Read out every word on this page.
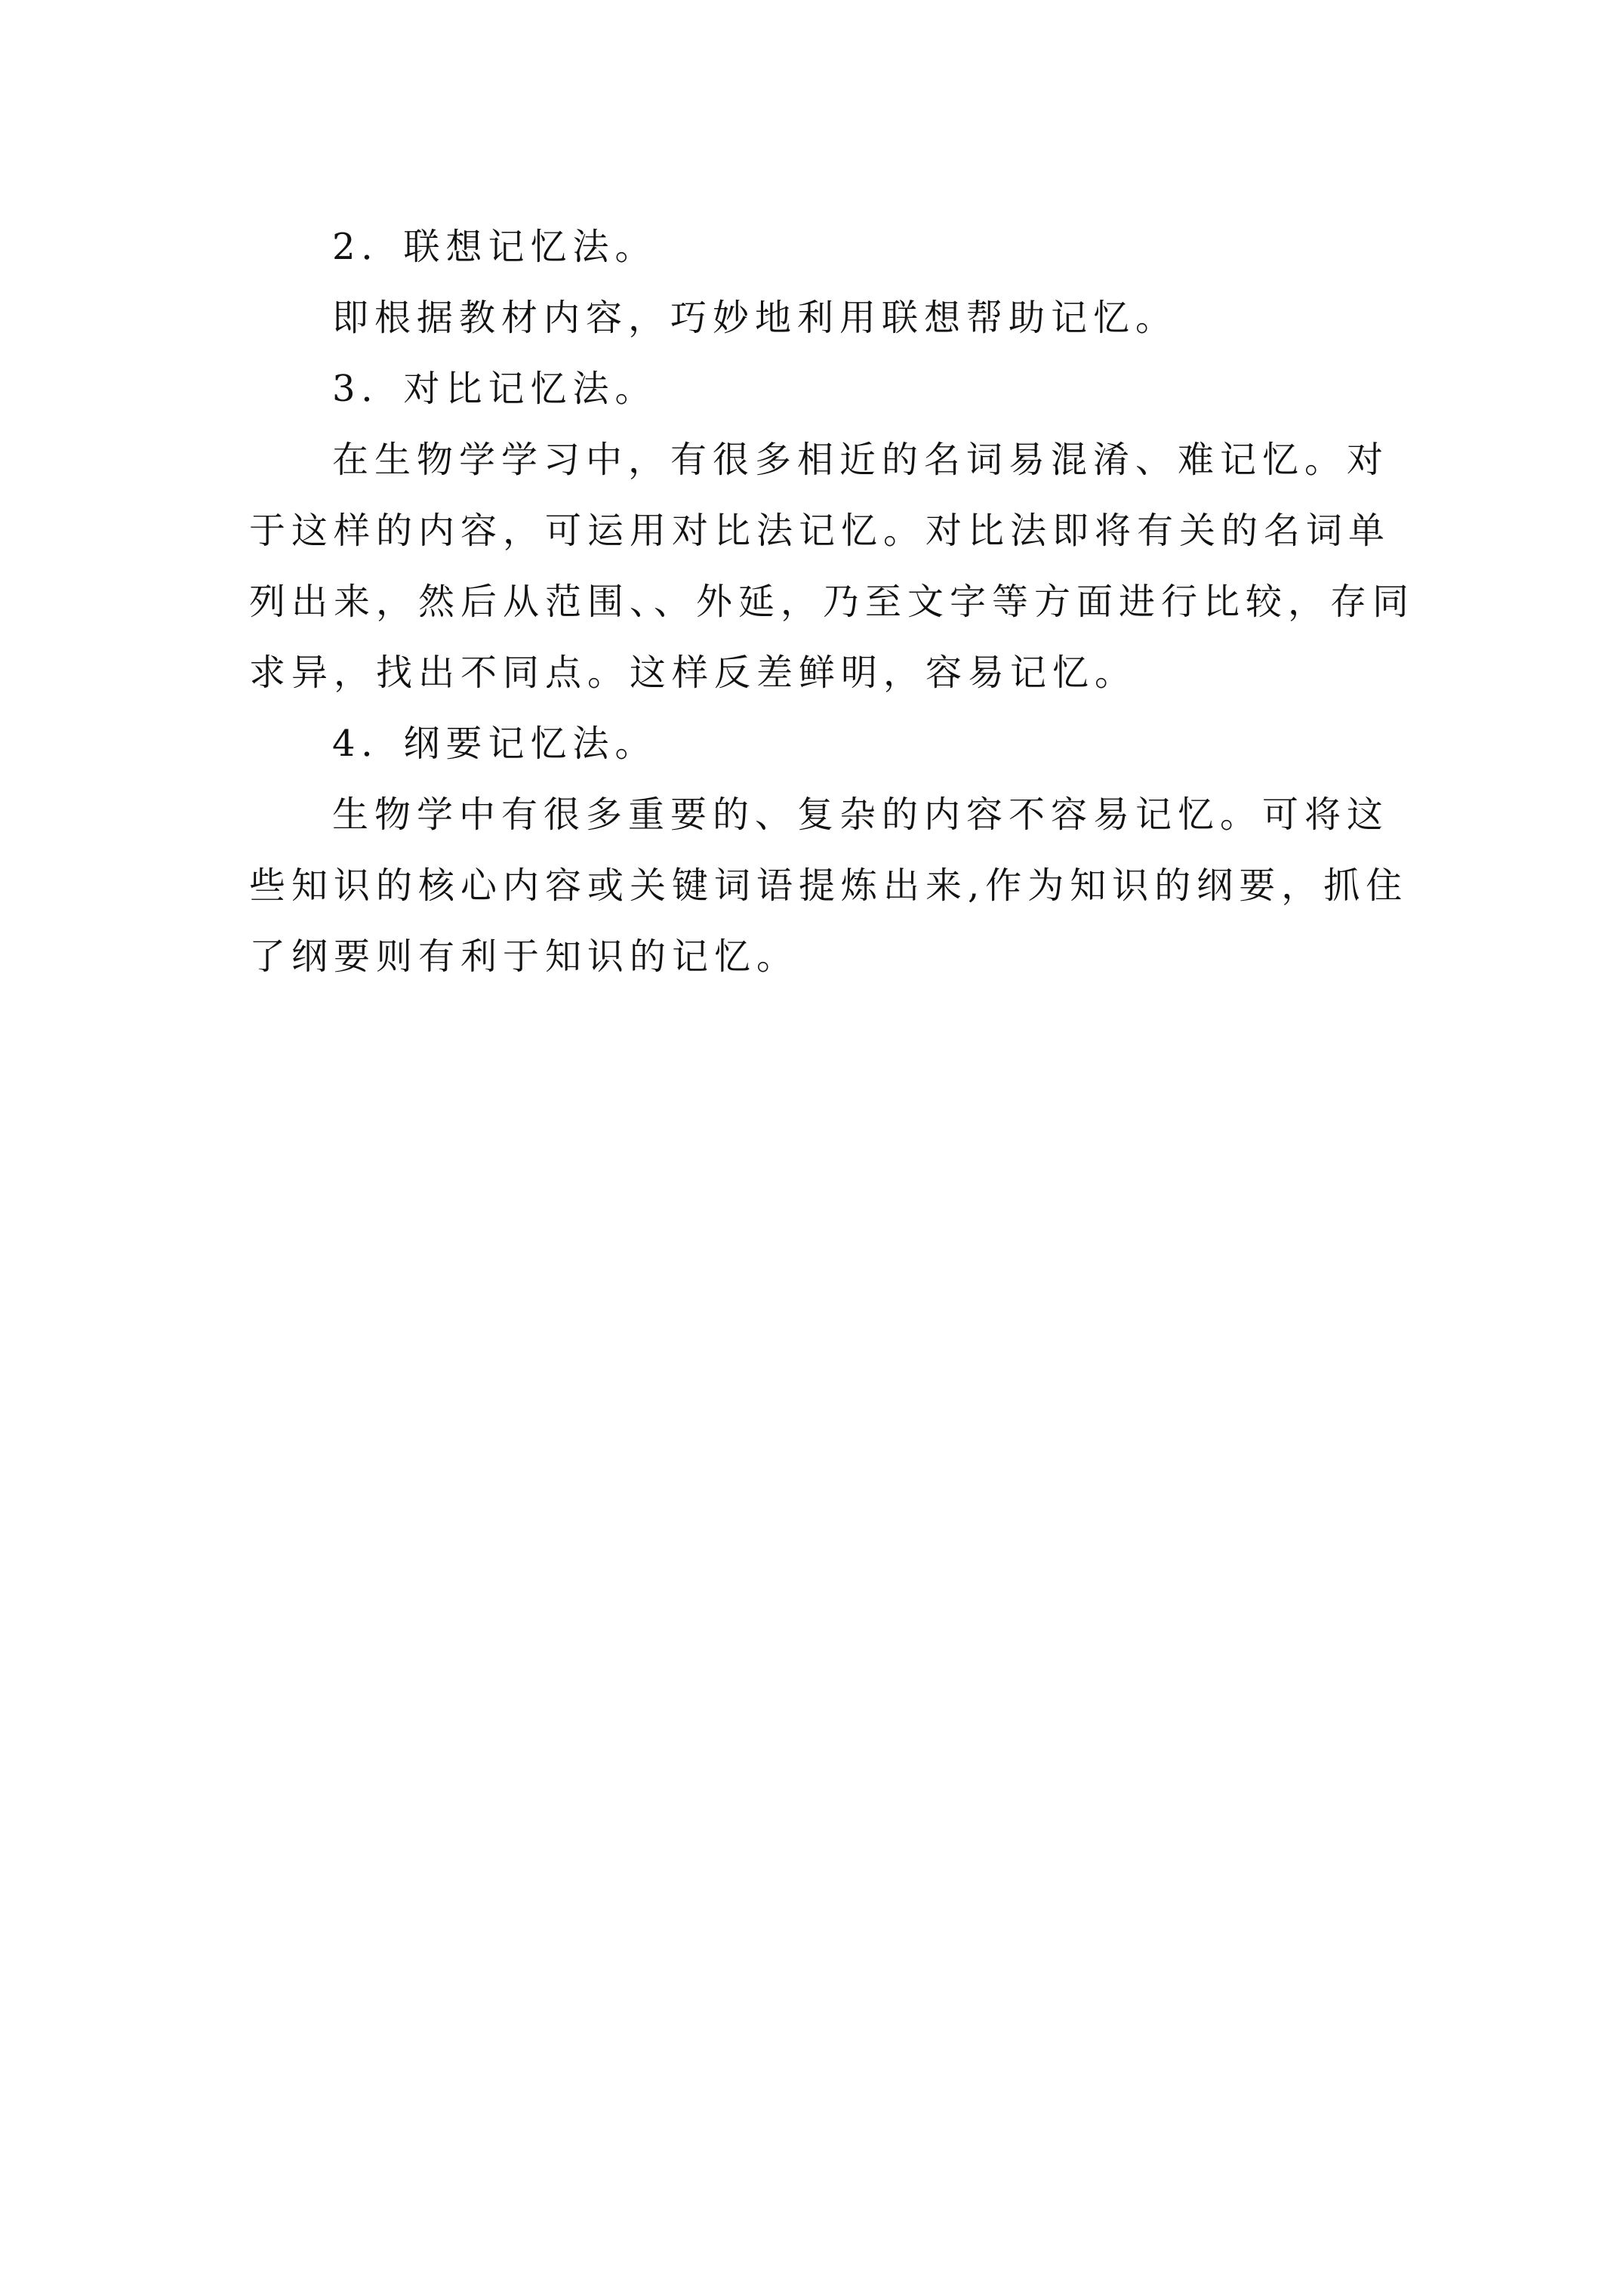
2．联想记忆法。

即根据教材内容，巧妙地利用联想帮助记忆。

3．对比记忆法。

在生物学学习中，有很多相近的名词易混淆、难记忆。对于这样的内容，可运用对比法记忆。对比法即将有关的名词单列出来，然后从范围、、外延，乃至文字等方面进行比较，存同求异，找出不同点。这样反差鲜明，容易记忆。

4．纲要记忆法。

生物学中有很多重要的、复杂的内容不容易记忆。可将这些知识的核心内容或关键词语提炼出来,作为知识的纲要，抓住了纲要则有利于知识的记忆。
